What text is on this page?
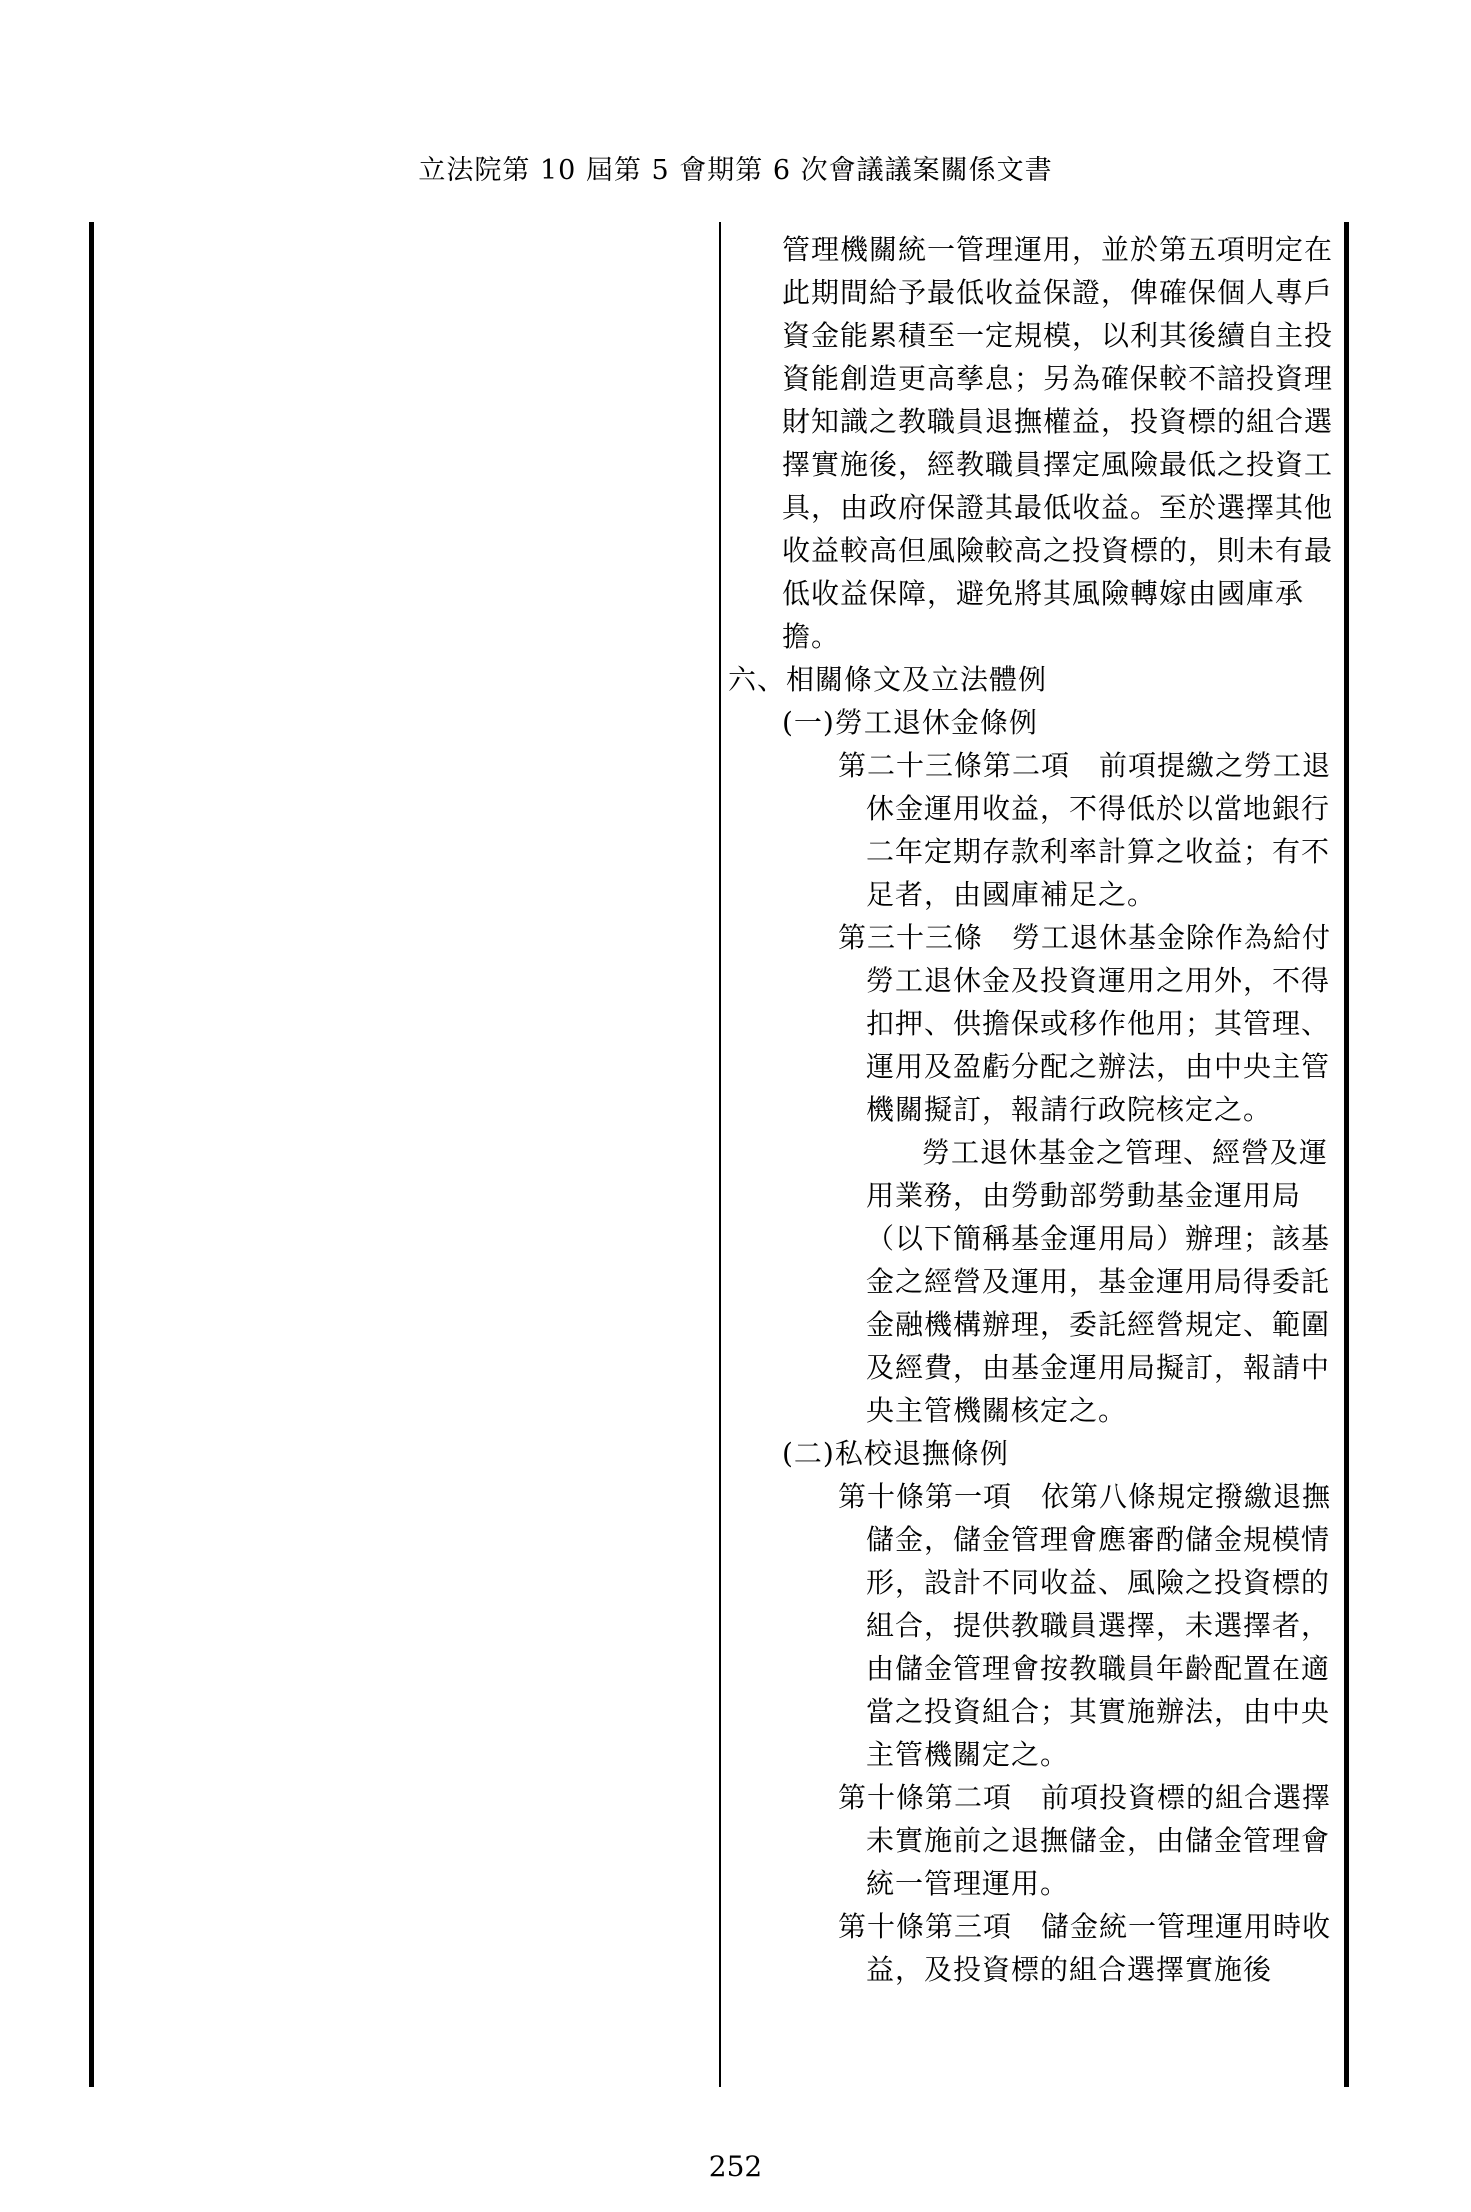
立法院第 10 屆第 5 會期第 6 次會議議案關係文書

管理機關統一管理運用，並於第五項明定在此期間給予最低收益保證，俾確保個人專戶資金能累積至一定規模，以利其後續自主投資能創造更高孳息；另為確保較不諳投資理財知識之教職員退撫權益，投資標的組合選擇實施後，經教職員擇定風險最低之投資工具，由政府保證其最低收益。至於選擇其他收益較高但風險較高之投資標的，則未有最低收益保障，避免將其風險轉嫁由國庫承擔。

六、相關條文及立法體例

(一)勞工退休金條例

第二十三條第二項　前項提繳之勞工退休金運用收益，不得低於以當地銀行二年定期存款利率計算之收益；有不足者，由國庫補足之。

第三十三條　勞工退休基金除作為給付勞工退休金及投資運用之用外，不得扣押、供擔保或移作他用；其管理、運用及盈虧分配之辦法，由中央主管機關擬訂，報請行政院核定之。

勞工退休基金之管理、經營及運用業務，由勞動部勞動基金運用局（以下簡稱基金運用局）辦理；該基金之經營及運用，基金運用局得委託金融機構辦理，委託經營規定、範圍及經費，由基金運用局擬訂，報請中央主管機關核定之。

(二)私校退撫條例

第十條第一項　依第八條規定撥繳退撫儲金，儲金管理會應審酌儲金規模情形，設計不同收益、風險之投資標的組合，提供教職員選擇，未選擇者，由儲金管理會按教職員年齡配置在適當之投資組合；其實施辦法，由中央主管機關定之。

第十條第二項　前項投資標的組合選擇未實施前之退撫儲金，由儲金管理會統一管理運用。

第十條第三項　儲金統一管理運用時收益，及投資標的組合選擇實施後

252
